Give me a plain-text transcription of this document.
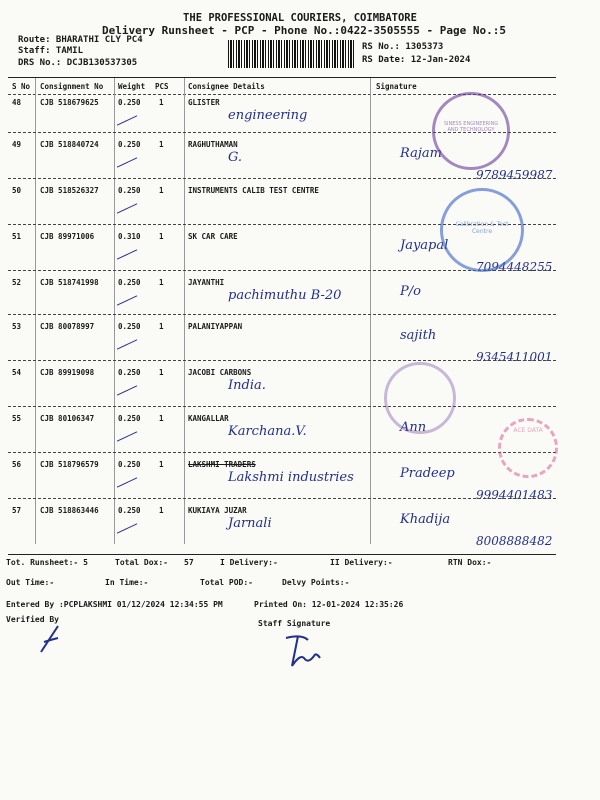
THE PROFESSIONAL COURIERS, COIMBATORE
Delivery Runsheet - PCP - Phone No.:0422-3505555 - Page No.:5
Route: BHARATHI CLY PC4
Staff: TAMIL
DRS No.: DCJB130537305
RS No.: 1305373
RS Date: 12-Jan-2024
S No Consignment No Weight PCS	Consignee Details	Signature
48	CJB 518679625	0.250 1	GLISTER
engineering
49	CJB 518840724	0.250 1	RAGHUTHAMAN
G.	Rajam
9789459987
50	CJB 518526327	0.250 1	INSTRUMENTS CALIB TEST CENTRE
51	CJB 89971006	0.310 1	SK CAR CARE
Jayapal
7094448255
52	CJB 518741998	0.250 1	JAYANTHI
pachimuthu B-20	P/o
53	CJB 80078997	0.250 1	PALANIYAPPAN
sajith
9345411001
54	CJB 89919098	0.250 1	JACOBI CARBONS
India.
55	CJB 80106347	0.250 1	KANGALLAR
Karchana.V.	Ann
56	CJB 518796579	0.250 1	LAKSHMI TRADERS
Lakshmi industries	Pradeep
9994401483
57	CJB 518863446	0.250 1	KUKIAYA JUZAR
Jarnali	Khadija
8008888482
SINESS ENGINEERING AND TECHNOLOGY
Calibration & Test Centre
ACE DATA
Tot. Runsheet:- 5	Total Dox:- 57	I Delivery:-	II Delivery:-	RTN Dox:-
Out Time:-	In Time:-	Total POD:-	Delvy Points:-
Entered By :PCPLAKSHMI 01/12/2024 12:34:55 PM	Printed On: 12-01-2024 12:35:26
Verified By	Staff Signature
